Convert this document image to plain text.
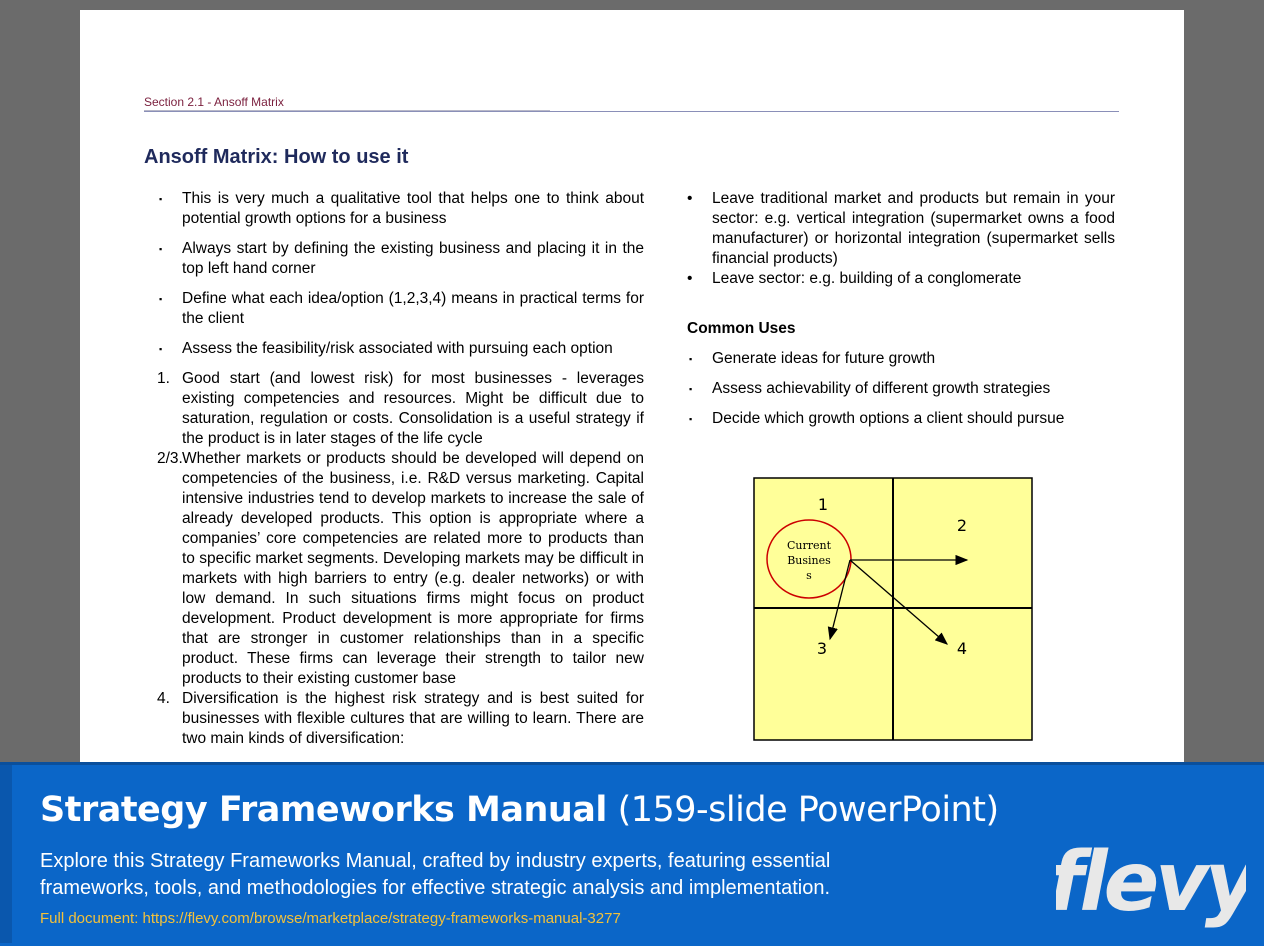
Section 2.1 - Ansoff Matrix
Ansoff Matrix: How to use it
▪	This is very much a qualitative tool that helps one to think about potential growth options for a business
▪	Always start by defining the existing business and placing it in the top left hand corner
▪	Define what each idea/option (1,2,3,4) means in practical terms for the client
▪	Assess the feasibility/risk associated with pursuing each option
1. Good start (and lowest risk) for most businesses - leverages existing competencies and resources. Might be difficult due to saturation, regulation or costs. Consolidation is a useful strategy if the product is in later stages of the life cycle
2/3. Whether markets or products should be developed will depend on competencies of the business, i.e. R&D versus marketing. Capital intensive industries tend to develop markets to increase the sale of already developed products. This option is appropriate where a companies’ core competencies are related more to products than to specific market segments. Developing markets may be difficult in markets with high barriers to entry (e.g. dealer networks) or with low demand. In such situations firms might focus on product development. Product development is more appropriate for firms that are stronger in customer relationships than in a specific product. These firms can leverage their strength to tailor new products to their existing customer base
4. Diversification is the highest risk strategy and is best suited for businesses with flexible cultures that are willing to learn. There are two main kinds of diversification:
•	Leave traditional market and products but remain in your sector: e.g. vertical integration (supermarket owns a food manufacturer) or horizontal integration (supermarket sells financial products)
•	Leave sector: e.g. building of a conglomerate
Common Uses
▪	Generate ideas for future growth
▪	Assess achievability of different growth strategies
▪	Decide which growth options a client should pursue
1
2
3	4
Current
Busines
s
Strategy Frameworks Manual (159-slide PowerPoint)
Explore this Strategy Frameworks Manual, crafted by industry experts, featuring essential
frameworks, tools, and methodologies for effective strategic analysis and implementation.
Full document: https://flevy.com/browse/marketplace/strategy-frameworks-manual-3277	flevy
